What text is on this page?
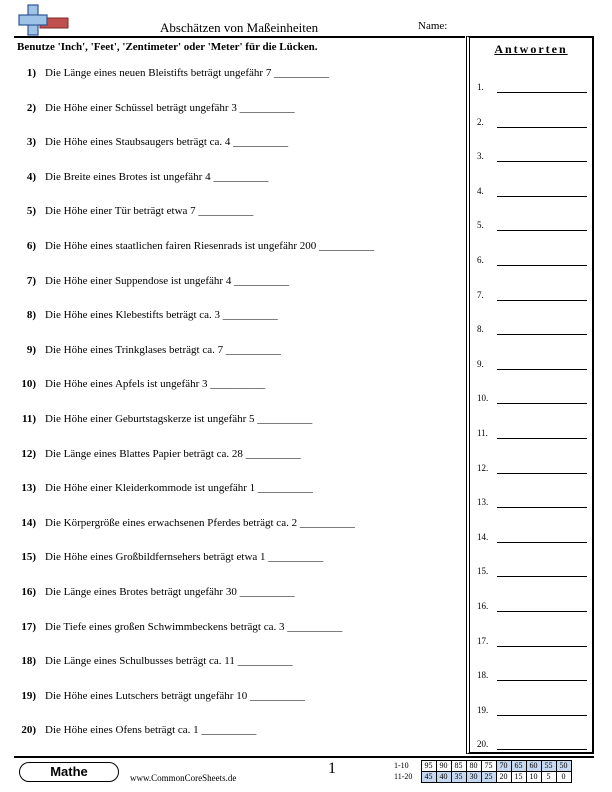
Abschätzen von Maßeinheiten	Name:
Benutze 'Inch', 'Feet', 'Zentimeter' oder 'Meter' für die Lücken.
1) Die Länge eines neuen Bleistifts beträgt ungefähr 7 __________
2) Die Höhe einer Schüssel beträgt ungefähr 3 __________
3) Die Höhe eines Staubsaugers beträgt ca. 4 __________
4) Die Breite eines Brotes ist ungefähr 4 __________
5) Die Höhe einer Tür beträgt etwa 7 __________
6) Die Höhe eines staatlichen fairen Riesenrads ist ungefähr 200 __________
7) Die Höhe einer Suppendose ist ungefähr 4 __________
8) Die Höhe eines Klebestifts beträgt ca. 3 __________
9) Die Höhe eines Trinkglases beträgt ca. 7 __________
10) Die Höhe eines Apfels ist ungefähr 3 __________
11) Die Höhe einer Geburtstagskerze ist ungefähr 5 __________
12) Die Länge eines Blattes Papier beträgt ca. 28 __________
13) Die Höhe einer Kleiderkommode ist ungefähr 1 __________
14) Die Körpergröße eines erwachsenen Pferdes beträgt ca. 2 __________
15) Die Höhe eines Großbildfernsehers beträgt etwa 1 __________
16) Die Länge eines Brotes beträgt ungefähr 30 __________
17) Die Tiefe eines großen Schwimmbeckens beträgt ca. 3 __________
18) Die Länge eines Schulbusses beträgt ca. 11 __________
19) Die Höhe eines Lutschers beträgt ungefähr 10 __________
20) Die Höhe eines Ofens beträgt ca. 1 __________
Antworten
1.
2.
3.
4.
5.
6.
7.
8.
9.
10.
11.
12.
13.
14.
15.
16.
17.
18.
19.
20.
Mathe	www.CommonCoreSheets.de
1	1-10	95	90	85	80	75	70	65	60	55	50
11-20	45	40	35	30	25	20	15	10	5	0
